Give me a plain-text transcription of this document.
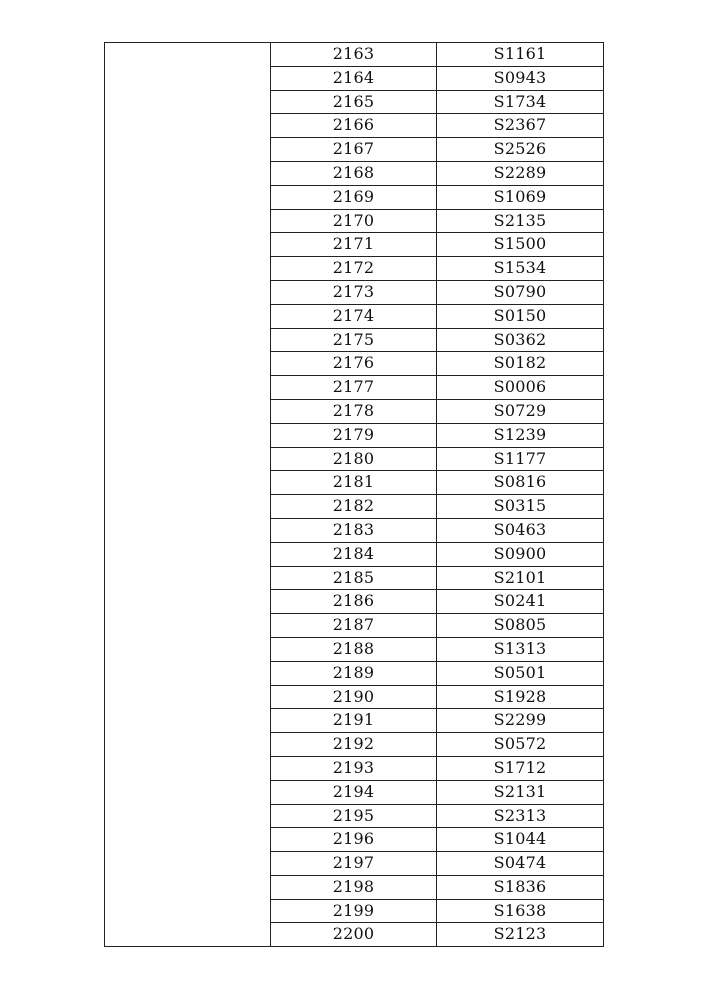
	2163	S1161
	2164	S0943
	2165	S1734
	2166	S2367
	2167	S2526
	2168	S2289
	2169	S1069
	2170	S2135
	2171	S1500
	2172	S1534
	2173	S0790
	2174	S0150
	2175	S0362
	2176	S0182
	2177	S0006
	2178	S0729
	2179	S1239
	2180	S1177
	2181	S0816
	2182	S0315
	2183	S0463
	2184	S0900
	2185	S2101
	2186	S0241
	2187	S0805
	2188	S1313
	2189	S0501
	2190	S1928
	2191	S2299
	2192	S0572
	2193	S1712
	2194	S2131
	2195	S2313
	2196	S1044
	2197	S0474
	2198	S1836
	2199	S1638
	2200	S2123
